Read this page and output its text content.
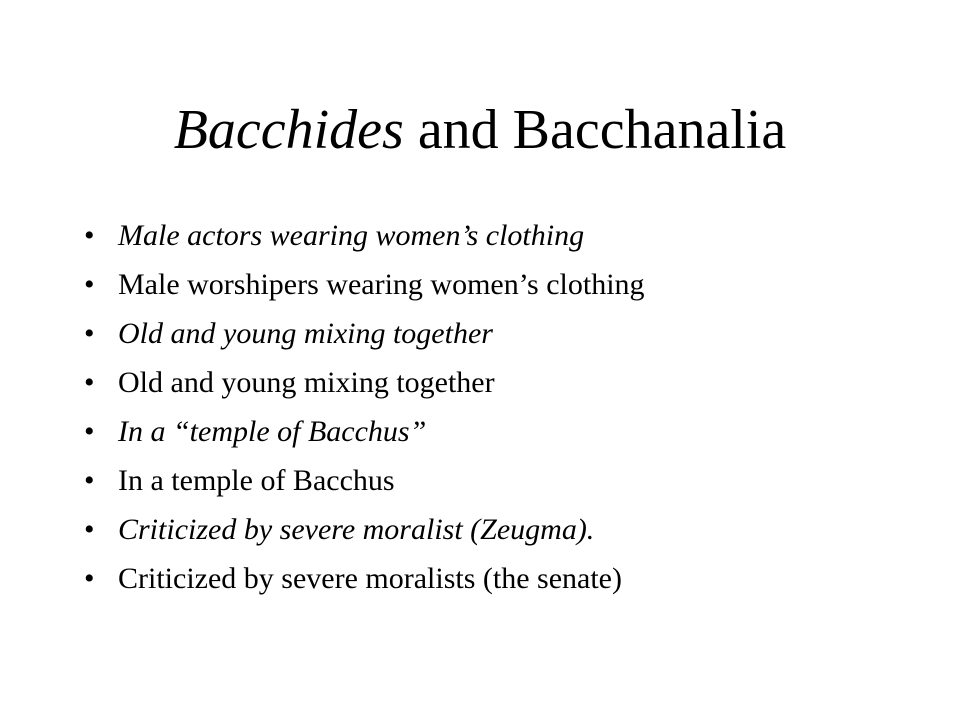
Bacchides and Bacchanalia
• Male actors wearing women’s clothing
• Male worshipers wearing women’s clothing
• Old and young mixing together
• Old and young mixing together
• In a “temple of Bacchus”
• In a temple of Bacchus
• Criticized by severe moralist (Zeugma).
• Criticized by severe moralists (the senate)
